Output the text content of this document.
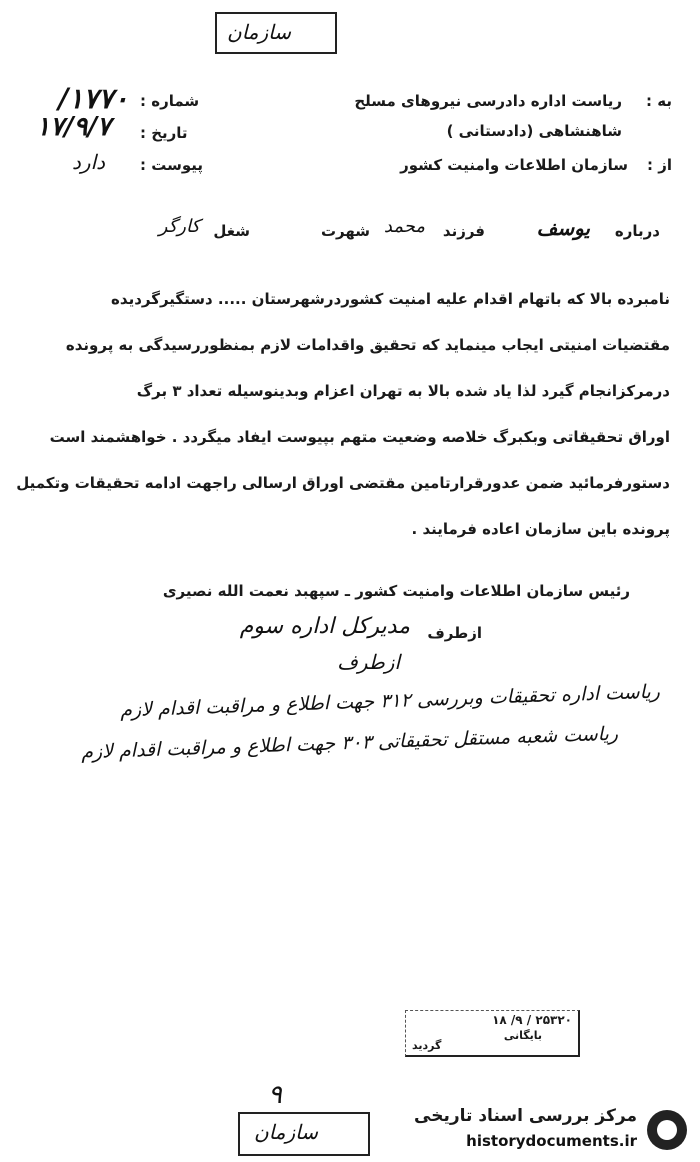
سازمان
شماره :
۱۷۷۰/
تاریخ :
۱۷/۹/۷
پیوست :
دارد
به :
ریاست اداره دادرسی نیروهای مسلح
شاهنشاهی (دادستانی )
از :
سازمان اطلاعات وامنیت کشور
درباره
یوسف
فرزند
محمد
شهرت
شغل
کارگر
نامبرده بالا که باتهام اقدام علیه امنیت کشوردرشهرستان ..... دستگیرگردیده
مقتضیات امنیتی ایجاب مینماید که تحقیق واقدامات لازم بمنظوررسیدگی به پرونده
درمرکزانجام گیرد لذا یاد شده بالا به تهران اعزام وبدینوسیله تعداد ۳ برگ
اوراق تحقیقاتی وبکبرگ خلاصه وضعیت متهم بپیوست ایفاد میگردد . خواهشمند است
دستورفرمائید ضمن عدورقرارتامین مقتضی اوراق ارسالی راجهت ادامه تحقیقات وتکمیل
پرونده باین سازمان اعاده فرمایند .
رئیس سازمان اطلاعات وامنیت کشور ـ سپهبد نعمت الله نصیری
ازطرف
مدیرکل اداره سوم
ازطرف
ریاست اداره تحقیقات وبررسی ۳۱۲ جهت اطلاع و مراقبت اقدام لازم
ریاست شعبه مستقل تحقیقاتی ۳۰۳ جهت اطلاع و مراقبت اقدام لازم
۲۵۳۲۰ / ۹/ ۱۸
بایگانی
گردید
۹
سازمان
مرکز بررسی اسناد تاریخی
historydocuments.ir
